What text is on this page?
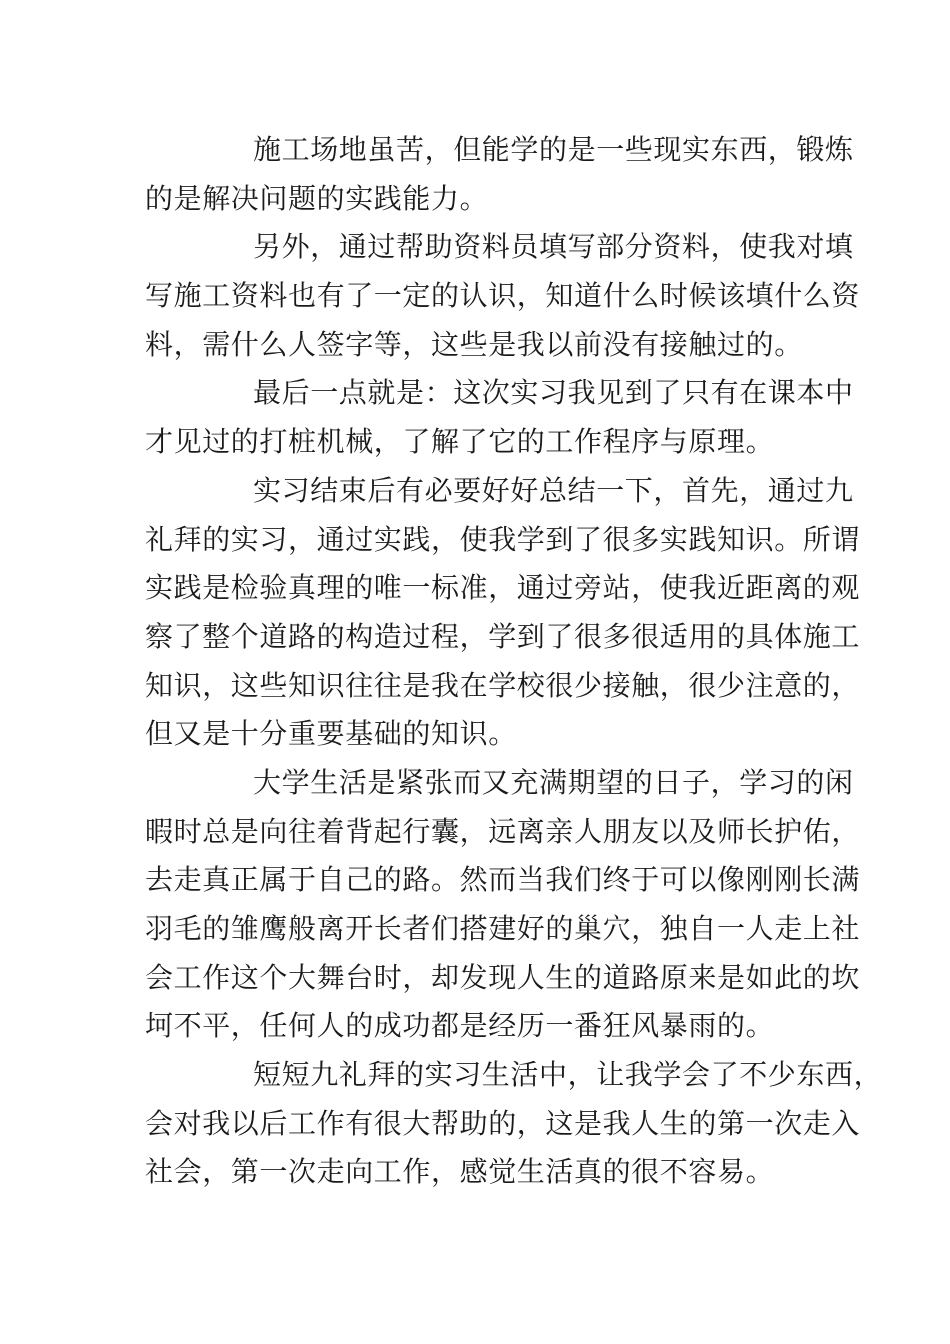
施工场地虽苦，但能学的是一些现实东西，锻炼
的是解决问题的实践能力。
另外，通过帮助资料员填写部分资料，使我对填
写施工资料也有了一定的认识，知道什么时候该填什么资
料，需什么人签字等，这些是我以前没有接触过的。
最后一点就是：这次实习我见到了只有在课本中
才见过的打桩机械，了解了它的工作程序与原理。
实习结束后有必要好好总结一下，首先，通过九
礼拜的实习，通过实践，使我学到了很多实践知识。所谓
实践是检验真理的唯一标准，通过旁站，使我近距离的观
察了整个道路的构造过程，学到了很多很适用的具体施工
知识，这些知识往往是我在学校很少接触，很少注意的，
但又是十分重要基础的知识。
大学生活是紧张而又充满期望的日子，学习的闲
暇时总是向往着背起行囊，远离亲人朋友以及师长护佑，
去走真正属于自己的路。然而当我们终于可以像刚刚长满
羽毛的雏鹰般离开长者们搭建好的巢穴，独自一人走上社
会工作这个大舞台时，却发现人生的道路原来是如此的坎
坷不平，任何人的成功都是经历一番狂风暴雨的。
短短九礼拜的实习生活中，让我学会了不少东西，
会对我以后工作有很大帮助的，这是我人生的第一次走入
社会，第一次走向工作，感觉生活真的很不容易。
